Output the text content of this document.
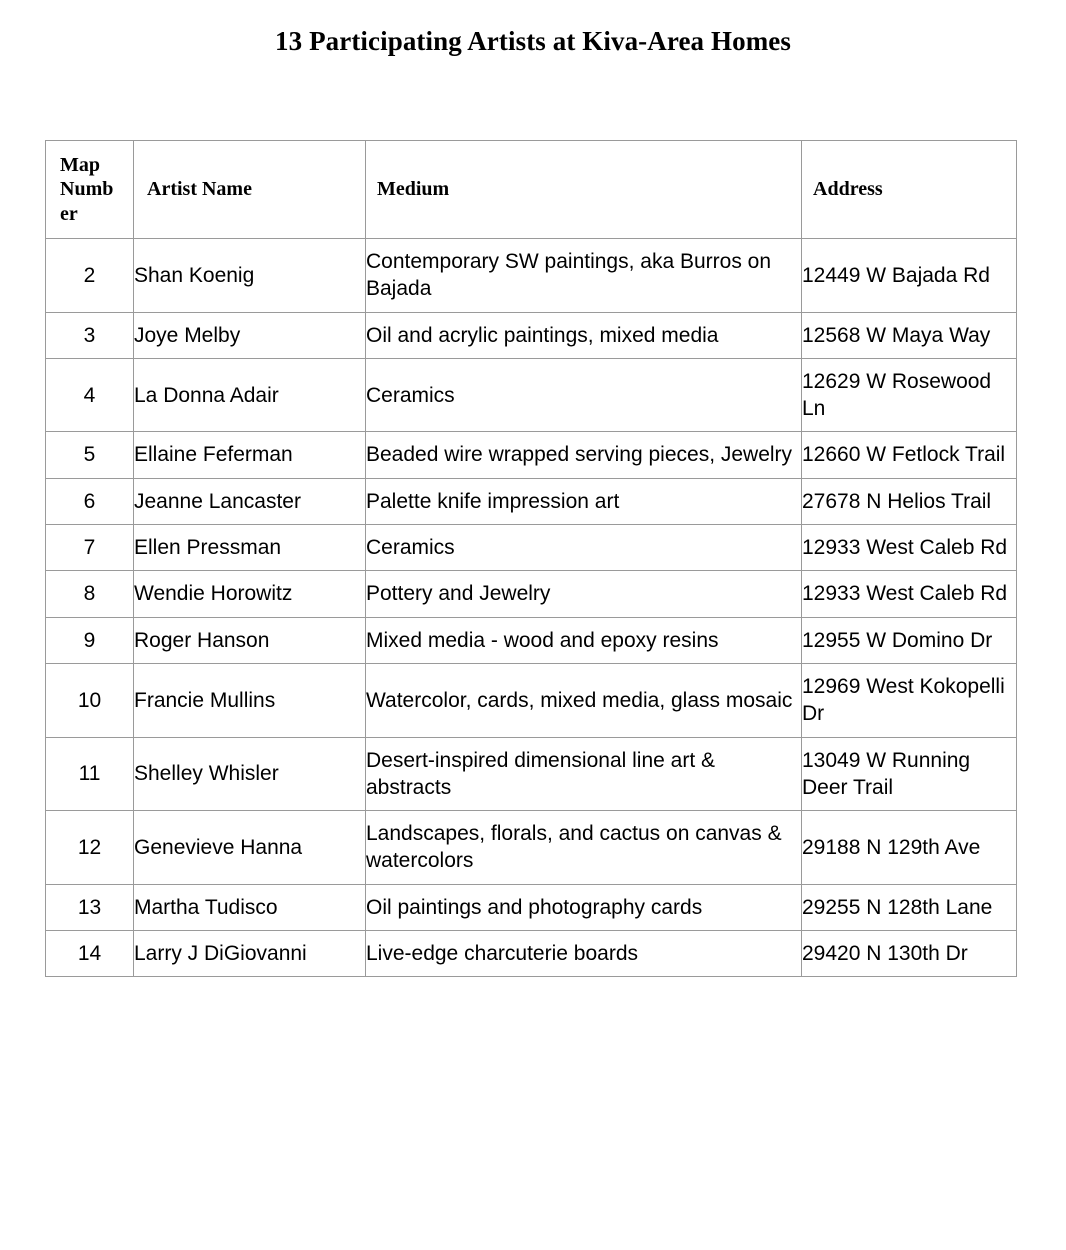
13 Participating Artists at Kiva-Area Homes
Map Numb er	Artist Name	Medium	Address
2	Shan Koenig	Contemporary SW paintings, aka Burros on Bajada	12449 W Bajada Rd
3	Joye Melby	Oil and acrylic paintings, mixed media	12568 W Maya Way
4	La Donna Adair	Ceramics	12629 W Rosewood Ln
5	Ellaine Feferman	Beaded wire wrapped serving pieces, Jewelry	12660 W Fetlock Trail
6	Jeanne Lancaster	Palette knife impression art	27678 N Helios Trail
7	Ellen Pressman	Ceramics	12933 West Caleb Rd
8	Wendie Horowitz	Pottery and Jewelry	12933 West Caleb Rd
9	Roger Hanson	Mixed media - wood and epoxy resins	12955 W Domino Dr
10	Francie Mullins	Watercolor, cards, mixed media, glass mosaic	12969 West Kokopelli Dr
11	Shelley Whisler	Desert-inspired dimensional line art & abstracts	13049 W Running Deer Trail
12	Genevieve Hanna	Landscapes, florals, and cactus on canvas & watercolors	29188 N 129th Ave
13	Martha Tudisco	Oil paintings and photography cards	29255 N 128th Lane
14	Larry J DiGiovanni	Live-edge charcuterie boards	29420 N 130th Dr
